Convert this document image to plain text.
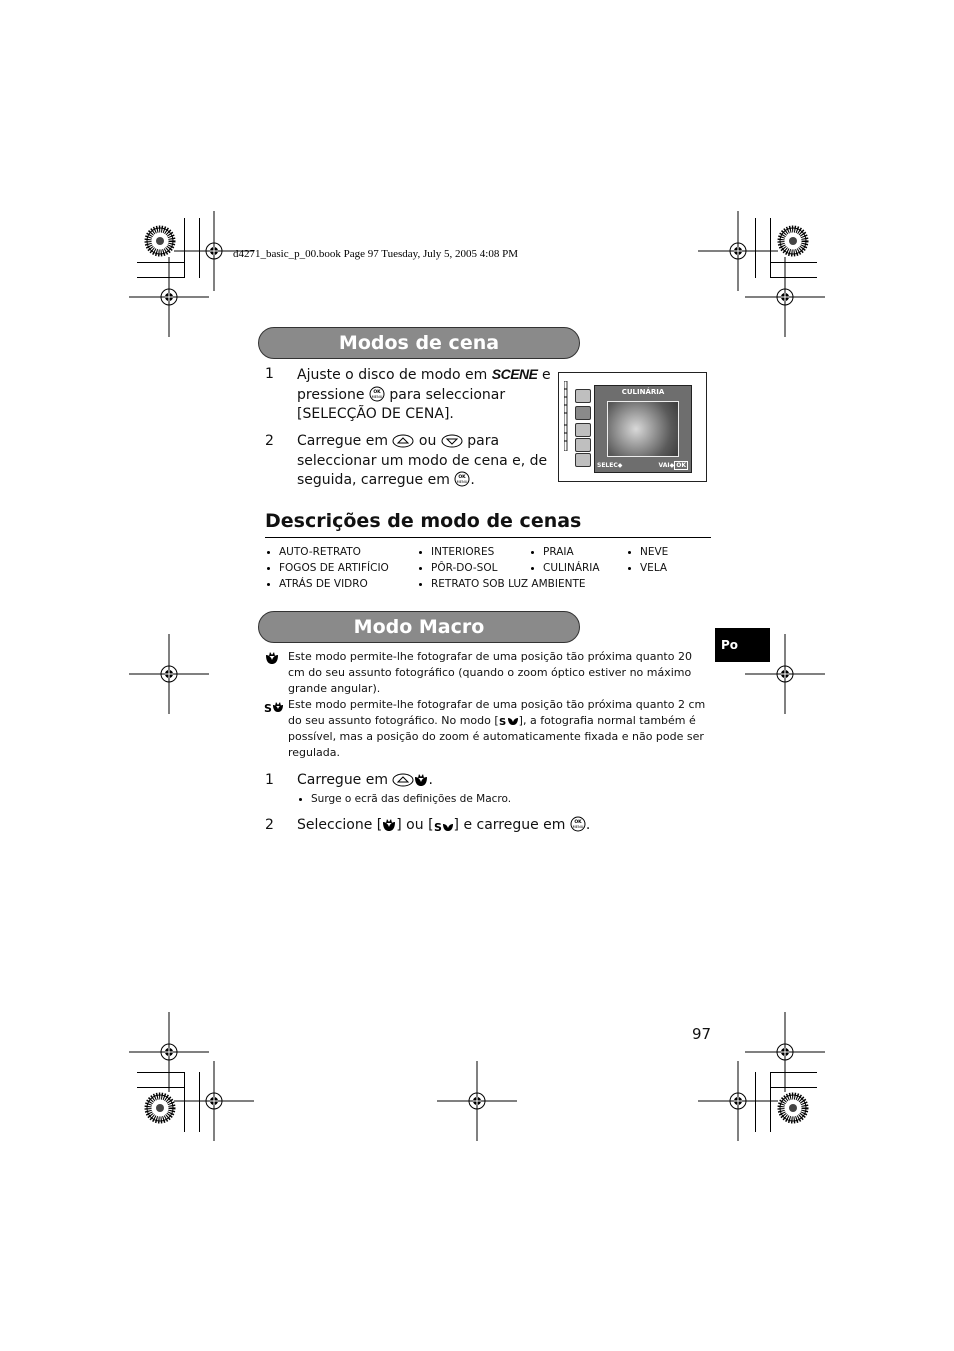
d4271_basic_p_00.book Page 97 Tuesday, July 5, 2005 4:08 PM
Modos de cena
1 Ajuste o disco de modo em SCENE e pressione OK
MENU para seleccionar [SELECÇÃO DE CENA].
2 Carregue em ou para seleccionar um modo de cena e, de seguida, carregue em OK
MENU .
CULINÁRIA
SELEC◆	VAI◆ OK
Descrições de modo de cenas
AUTO-RETRATO
FOGOS DE ARTIFÍCIO
ATRÁS DE VIDRO
INTERIORES
PÔR-DO-SOL
RETRATO SOB LUZ AMBIENTE
PRAIA
CULINÁRIA
NEVE
VELA
Modo Macro
Po
Este modo permite-lhe fotografar de uma posição tão próxima quanto 20 cm do seu assunto fotográfico (quando o zoom óptico estiver no máximo grande angular).
S Este modo permite-lhe fotografar de uma posição tão próxima quanto 2 cm do seu assunto fotográfico. No modo [ S ], a fotografia normal também é possível, mas a posição do zoom é automaticamente fixada e não pode ser regulada.
1 Carregue em	.
Surge o ecrã das definições de Macro.
2 Seleccione [ ] ou [ S ] e carregue em OK
MENU .
97
